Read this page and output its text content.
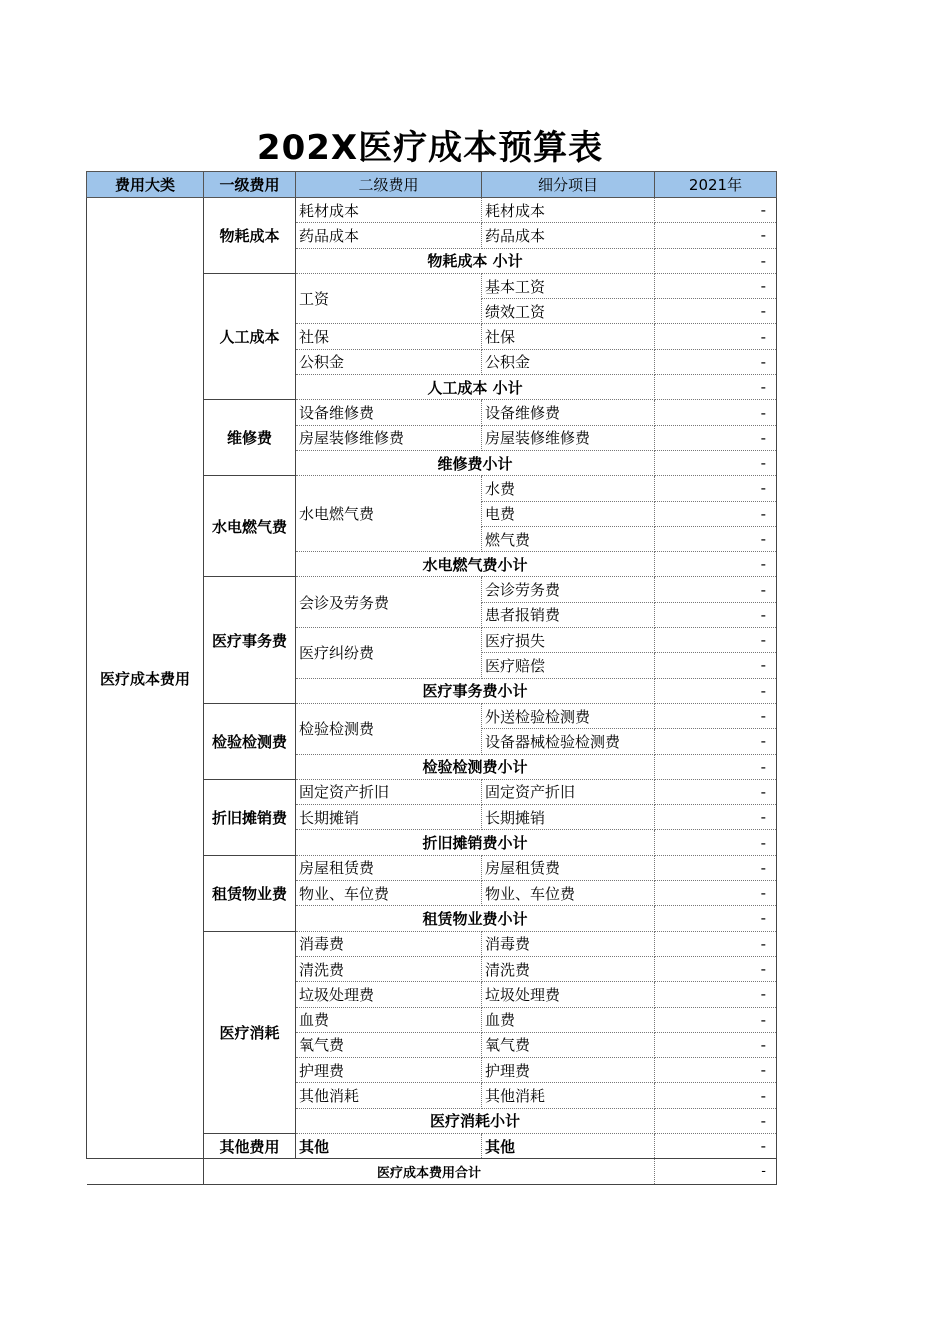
202X医疗成本预算表
费用大类	一级费用	二级费用	细分项目	2021年
医疗成本费用	物耗成本	耗材成本	耗材成本	-
		药品成本	药品成本	-
		物耗成本 小计		-
	人工成本	工资	基本工资	-
			绩效工资	-
		社保	社保	-
		公积金	公积金	-
		人工成本 小计		-
	维修费	设备维修费	设备维修费	-
		房屋装修维修费	房屋装修维修费	-
		维修费小计		-
	水电燃气费	水电燃气费	水费	-
			电费	-
			燃气费	-
		水电燃气费小计		-
	医疗事务费	会诊及劳务费	会诊劳务费	-
			患者报销费	-
		医疗纠纷费	医疗损失	-
			医疗赔偿	-
		医疗事务费小计		-
	检验检测费	检验检测费	外送检验检测费	-
			设备器械检验检测费	-
		检验检测费小计		-
	折旧摊销费	固定资产折旧	固定资产折旧	-
		长期摊销	长期摊销	-
		折旧摊销费小计		-
	租赁物业费	房屋租赁费	房屋租赁费	-
		物业、车位费	物业、车位费	-
		租赁物业费小计		-
	医疗消耗	消毒费	消毒费	-
		清洗费	清洗费	-
		垃圾处理费	垃圾处理费	-
		血费	血费	-
		氧气费	氧气费	-
		护理费	护理费	-
		其他消耗	其他消耗	-
		医疗消耗小计		-
	其他费用	其他	其他	-
	医疗成本费用合计			-
